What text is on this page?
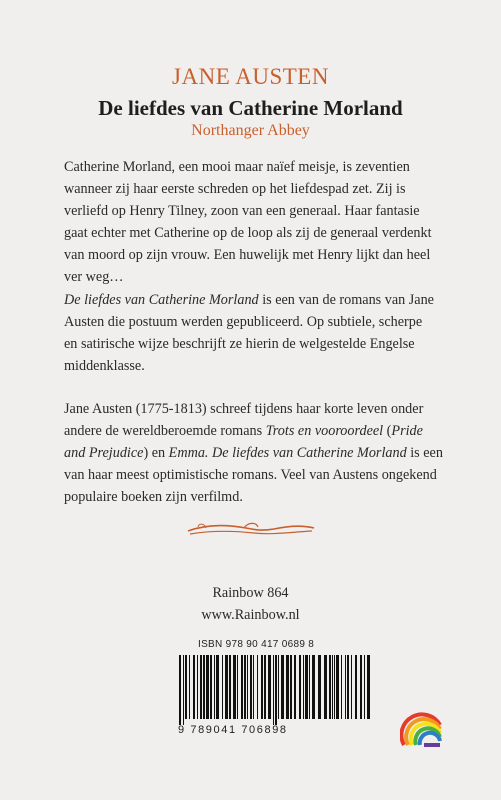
JANE AUSTEN
De liefdes van Catherine Morland
Northanger Abbey
Catherine Morland, een mooi maar naïef meisje, is zeventien
wanneer zij haar eerste schreden op het liefdespad zet. Zij is
verliefd op Henry Tilney, zoon van een generaal. Haar fantasie
gaat echter met Catherine op de loop als zij de generaal verdenkt
van moord op zijn vrouw. Een huwelijk met Henry lijkt dan heel
ver weg…
De liefdes van Catherine Morland is een van de romans van Jane
Austen die postuum werden gepubliceerd. Op subtiele, scherpe
en satirische wijze beschrijft ze hierin de welgestelde Engelse
middenklasse.
Jane Austen (1775-1813) schreef tijdens haar korte leven onder
andere de wereldberoemde romans Trots en vooroordeel (Pride
and Prejudice) en Emma. De liefdes van Catherine Morland is een
van haar meest optimistische romans. Veel van Austens ongekend
populaire boeken zijn verfilmd.
Rainbow 864
www.Rainbow.nl
ISBN 978 90 417 0689 8
9 789041 706898
